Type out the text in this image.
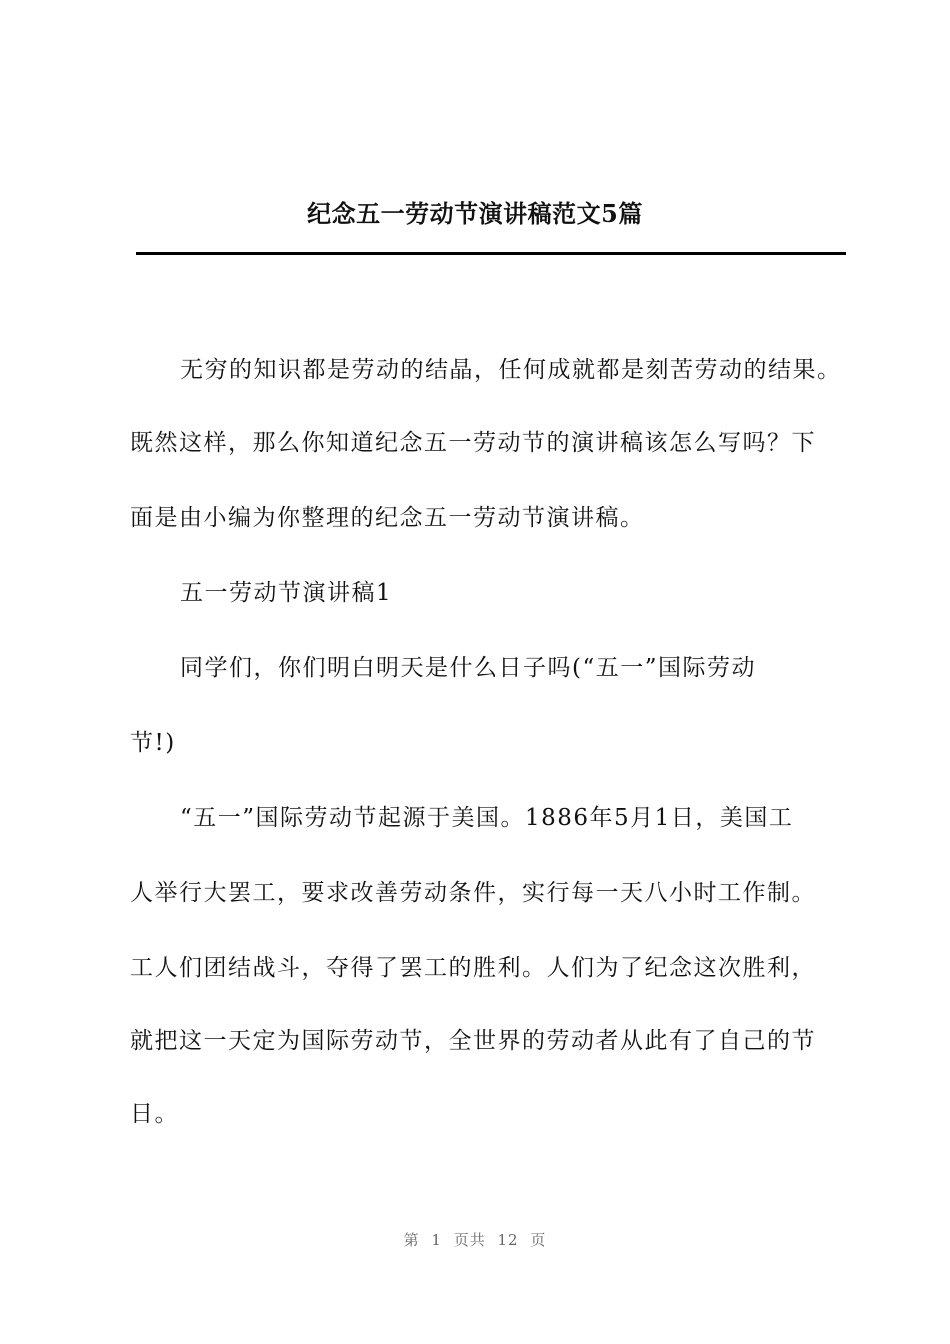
纪念五一劳动节演讲稿范文5篇
无穷的知识都是劳动的结晶，任何成就都是刻苦劳动的结果。
既然这样，那么你知道纪念五一劳动节的演讲稿该怎么写吗？下
面是由小编为你整理的纪念五一劳动节演讲稿。
五一劳动节演讲稿1
同学们，你们明白明天是什么日子吗(“五一”国际劳动
节!)
“五一”国际劳动节起源于美国。1886年5月1日，美国工
人举行大罢工，要求改善劳动条件，实行每一天八小时工作制。
工人们团结战斗，夺得了罢工的胜利。人们为了纪念这次胜利，
就把这一天定为国际劳动节，全世界的劳动者从此有了自己的节
日。
第 1 页共 12 页
